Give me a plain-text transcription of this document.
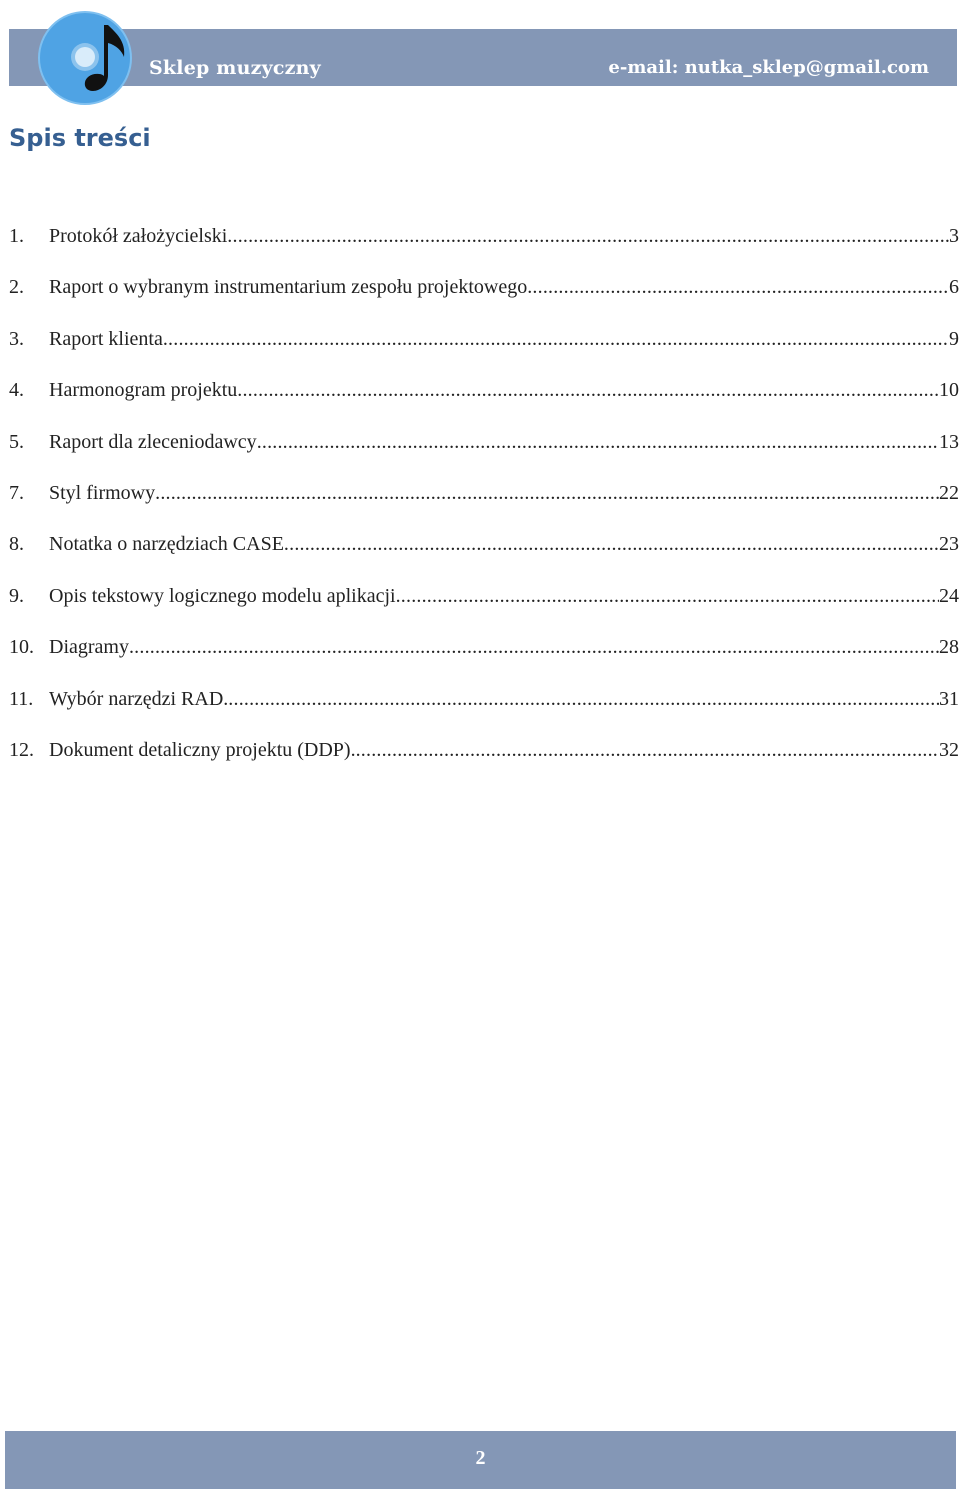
Sklep muzyczny
“Nutka”
e-mail: nutka_sklep@gmail.com
Spis treści
1.	Protokół założycielski .....	3
2.	Raport o wybranym instrumentarium zespołu projektowego .....	6
3.	Raport klienta .....	9
4.	Harmonogram projektu .....	10
5.	Raport dla zleceniodawcy .....	13
7.	Styl firmowy .....	22
8.	Notatka o narzędziach CASE .....	23
9.	Opis tekstowy logicznego modelu aplikacji .....	24
10. Diagramy .....	28
11. Wybór narzędzi RAD. .....	31
12. Dokument detaliczny projektu (DDP). .....	32
2
